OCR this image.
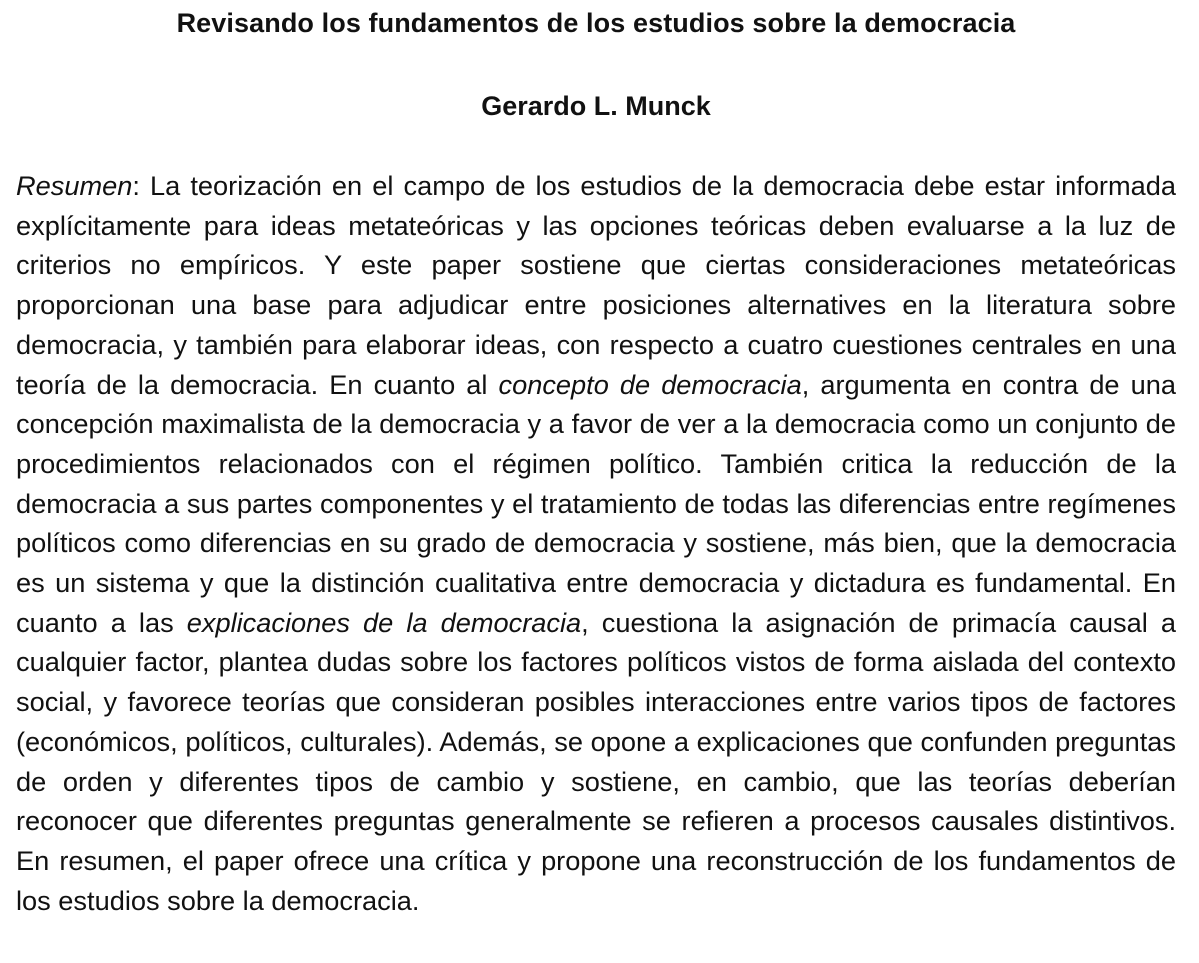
Revisando los fundamentos de los estudios sobre la democracia
Gerardo L. Munck

Resumen: La teorización en el campo de los estudios de la democracia debe estar informada explícitamente para ideas metateóricas y las opciones teóricas deben evaluarse a la luz de criterios no empíricos. Y este paper sostiene que ciertas consideraciones metateóricas proporcionan una base para adjudicar entre posiciones alternatives en la literatura sobre democracia, y también para elaborar ideas, con respecto a cuatro cuestiones centrales en una teoría de la democracia. En cuanto al concepto de democracia, argumenta en contra de una concepción maximalista de la democracia y a favor de ver a la democracia como un conjunto de procedimientos relacionados con el régimen político. También critica la reducción de la democracia a sus partes componentes y el tratamiento de todas las diferencias entre regímenes políticos como diferencias en su grado de democracia y sostiene, más bien, que la democracia es un sistema y que la distinción cualitativa entre democracia y dictadura es fundamental. En cuanto a las explicaciones de la democracia, cuestiona la asignación de primacía causal a cualquier factor, plantea dudas sobre los factores políticos vistos de forma aislada del contexto social, y favorece teorías que consideran posibles interacciones entre varios tipos de factores (económicos, políticos, culturales). Además, se opone a explicaciones que confunden preguntas de orden y diferentes tipos de cambio y sostiene, en cambio, que las teorías deberían reconocer que diferentes preguntas generalmente se refieren a procesos causales distintivos. En resumen, el paper ofrece una crítica y propone una reconstrucción de los fundamentos de los estudios sobre la democracia.
